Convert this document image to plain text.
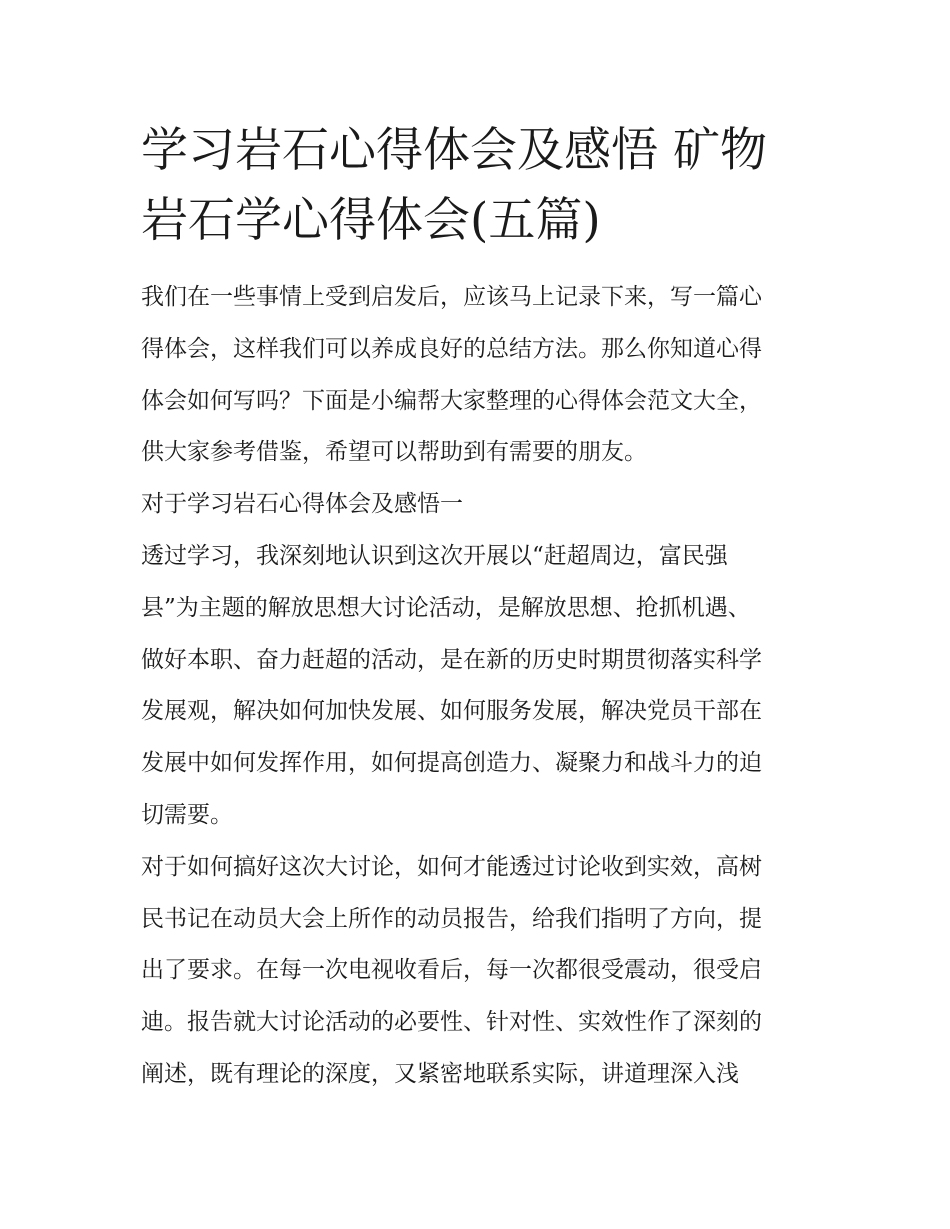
学习岩石心得体会及感悟 矿物
岩石学心得体会(五篇)
我们在一些事情上受到启发后，应该马上记录下来，写一篇心
得体会，这样我们可以养成良好的总结方法。那么你知道心得
体会如何写吗？下面是小编帮大家整理的心得体会范文大全，
供大家参考借鉴，希望可以帮助到有需要的朋友。
对于学习岩石心得体会及感悟一
透过学习，我深刻地认识到这次开展以“赶超周边，富民强
县”为主题的解放思想大讨论活动，是解放思想、抢抓机遇、
做好本职、奋力赶超的活动，是在新的历史时期贯彻落实科学
发展观，解决如何加快发展、如何服务发展，解决党员干部在
发展中如何发挥作用，如何提高创造力、凝聚力和战斗力的迫
切需要。
对于如何搞好这次大讨论，如何才能透过讨论收到实效，高树
民书记在动员大会上所作的动员报告，给我们指明了方向，提
出了要求。在每一次电视收看后，每一次都很受震动，很受启
迪。报告就大讨论活动的必要性、针对性、实效性作了深刻的
阐述，既有理论的深度，又紧密地联系实际，讲道理深入浅
